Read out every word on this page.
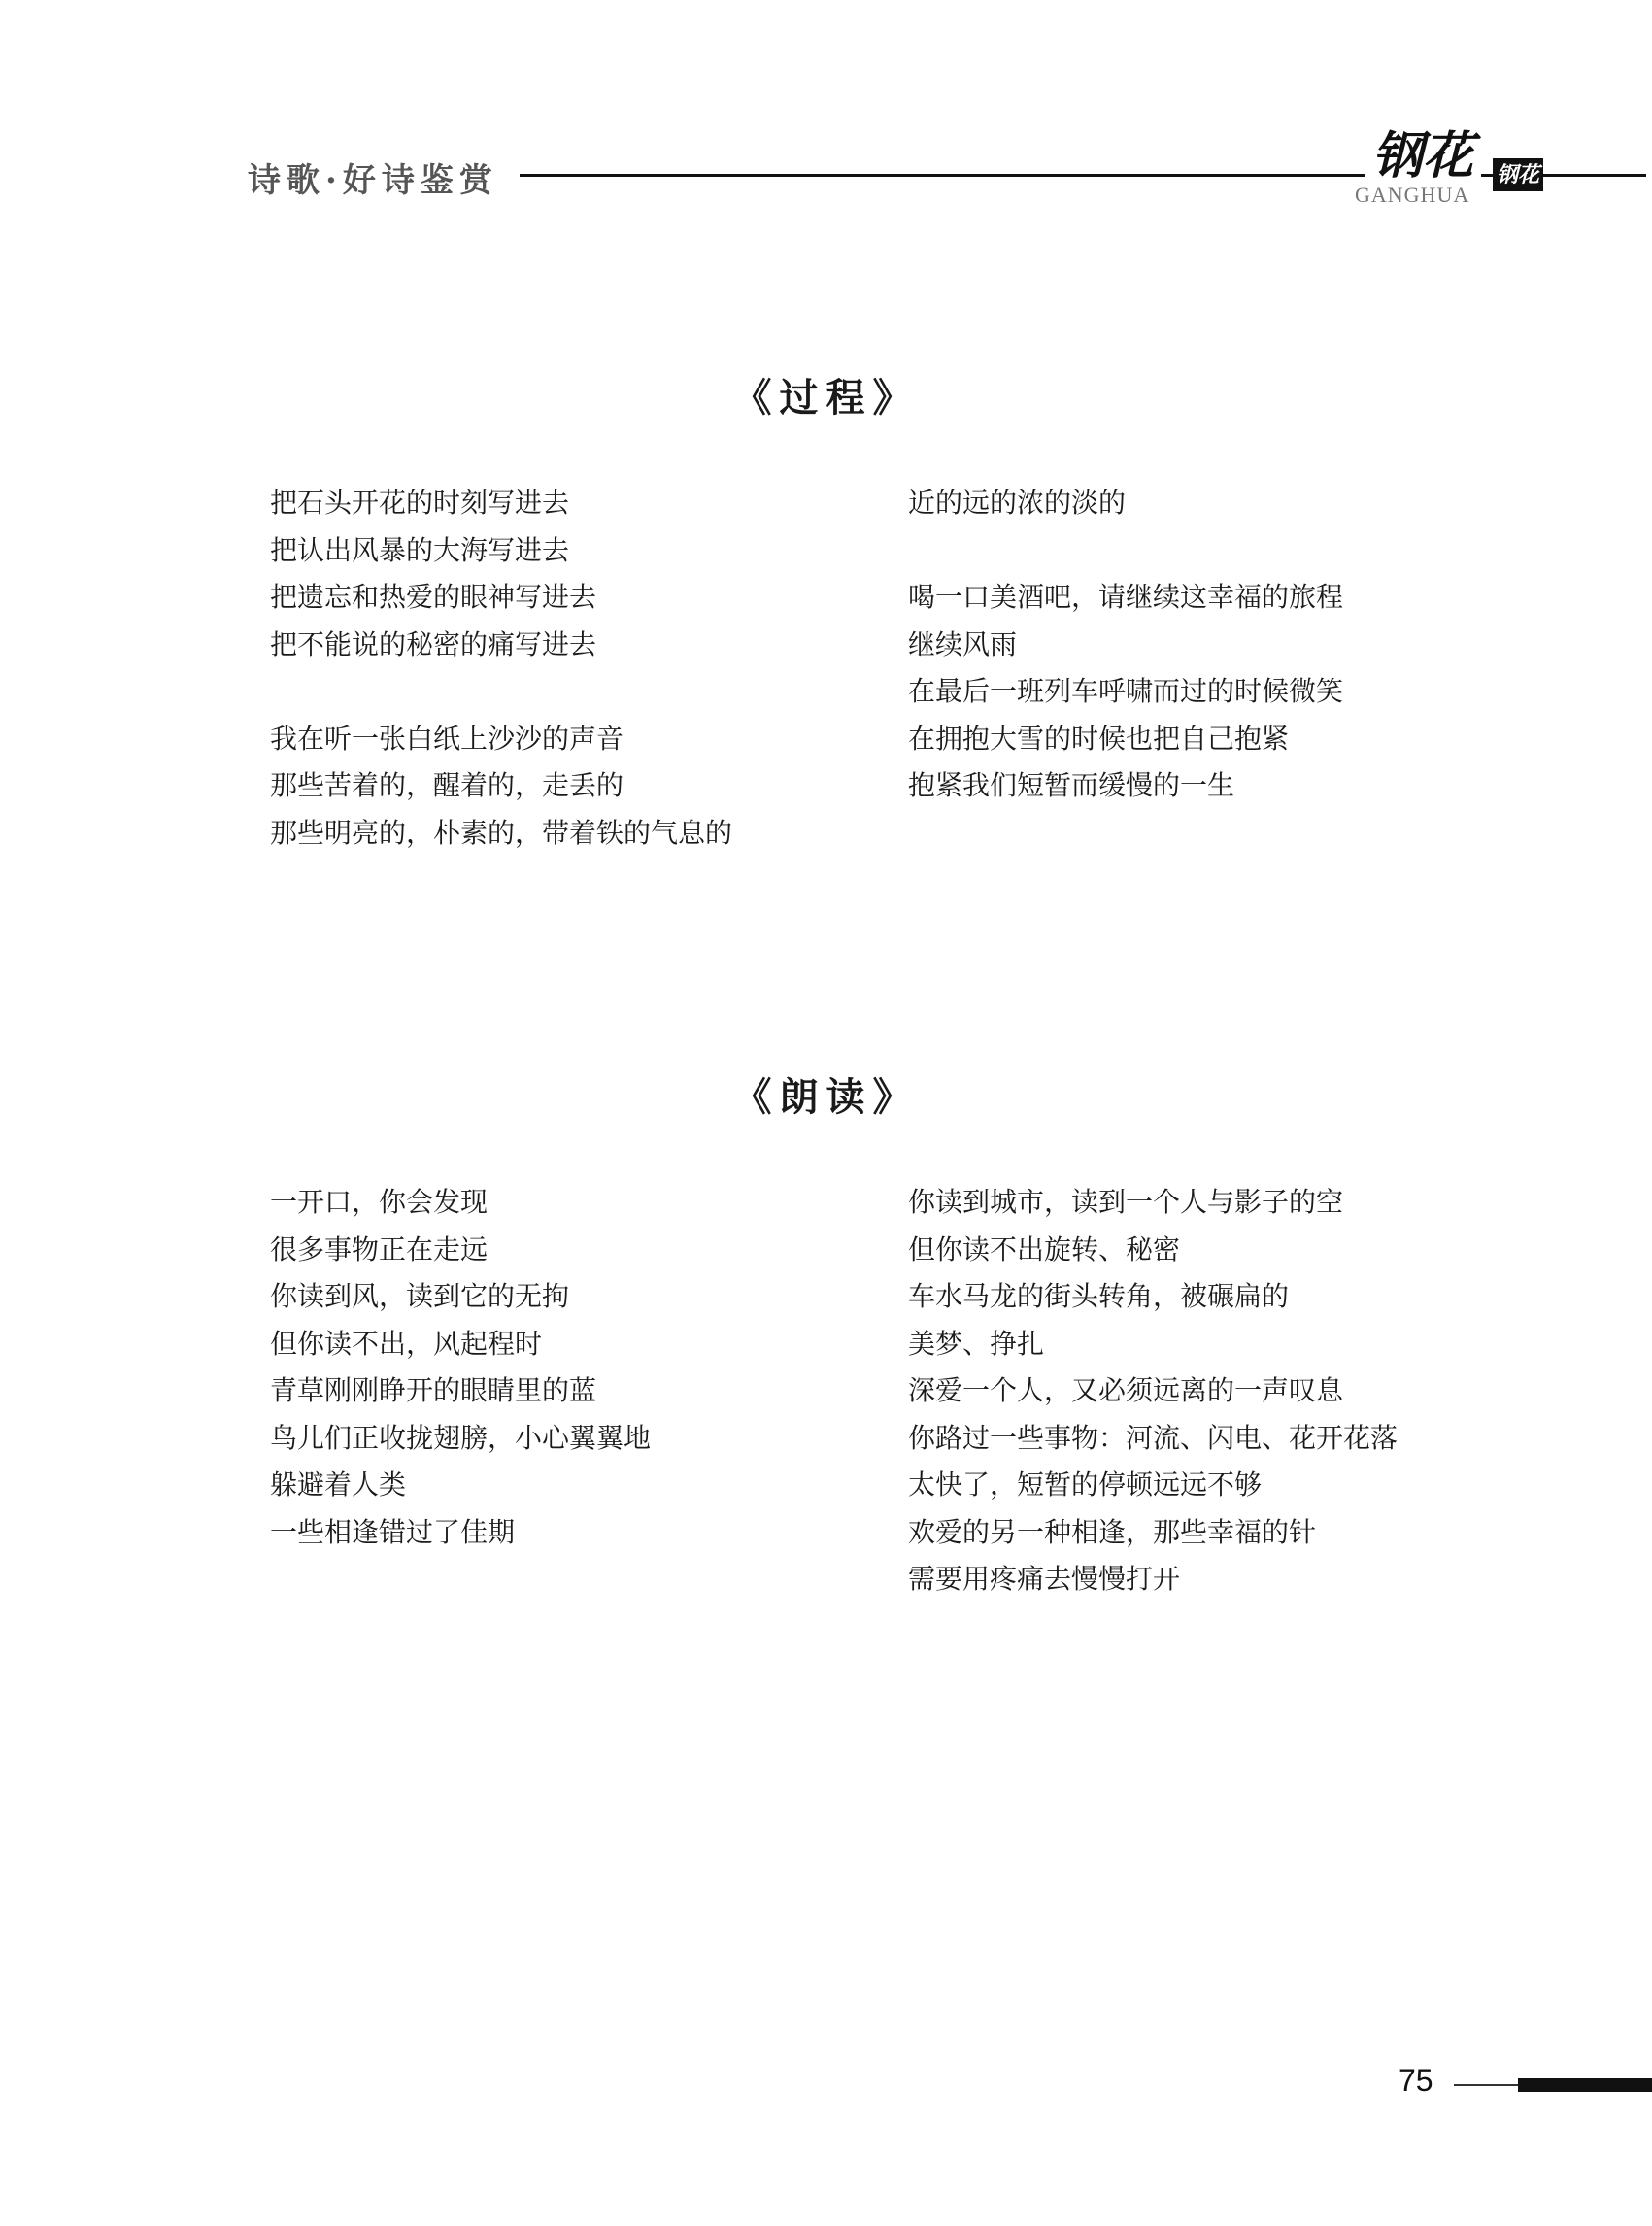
诗歌·好诗鉴赏	钢花
GANGHUA
钢花
《过程》
把石头开花的时刻写进去
把认出风暴的大海写进去
把遗忘和热爱的眼神写进去
把不能说的秘密的痛写进去
我在听一张白纸上沙沙的声音
那些苦着的，醒着的，走丢的
那些明亮的，朴素的，带着铁的气息的
近的远的浓的淡的
喝一口美酒吧，请继续这幸福的旅程
继续风雨
在最后一班列车呼啸而过的时候微笑
在拥抱大雪的时候也把自己抱紧
抱紧我们短暂而缓慢的一生
《朗读》
一开口，你会发现
很多事物正在走远
你读到风，读到它的无拘
但你读不出，风起程时
青草刚刚睁开的眼睛里的蓝
鸟儿们正收拢翅膀，小心翼翼地
躲避着人类
一些相逢错过了佳期
你读到城市，读到一个人与影子的空
但你读不出旋转、秘密
车水马龙的街头转角，被碾扁的
美梦、挣扎
深爱一个人，又必须远离的一声叹息
你路过一些事物：河流、闪电、花开花落
太快了，短暂的停顿远远不够
欢爱的另一种相逢，那些幸福的针
需要用疼痛去慢慢打开
75
